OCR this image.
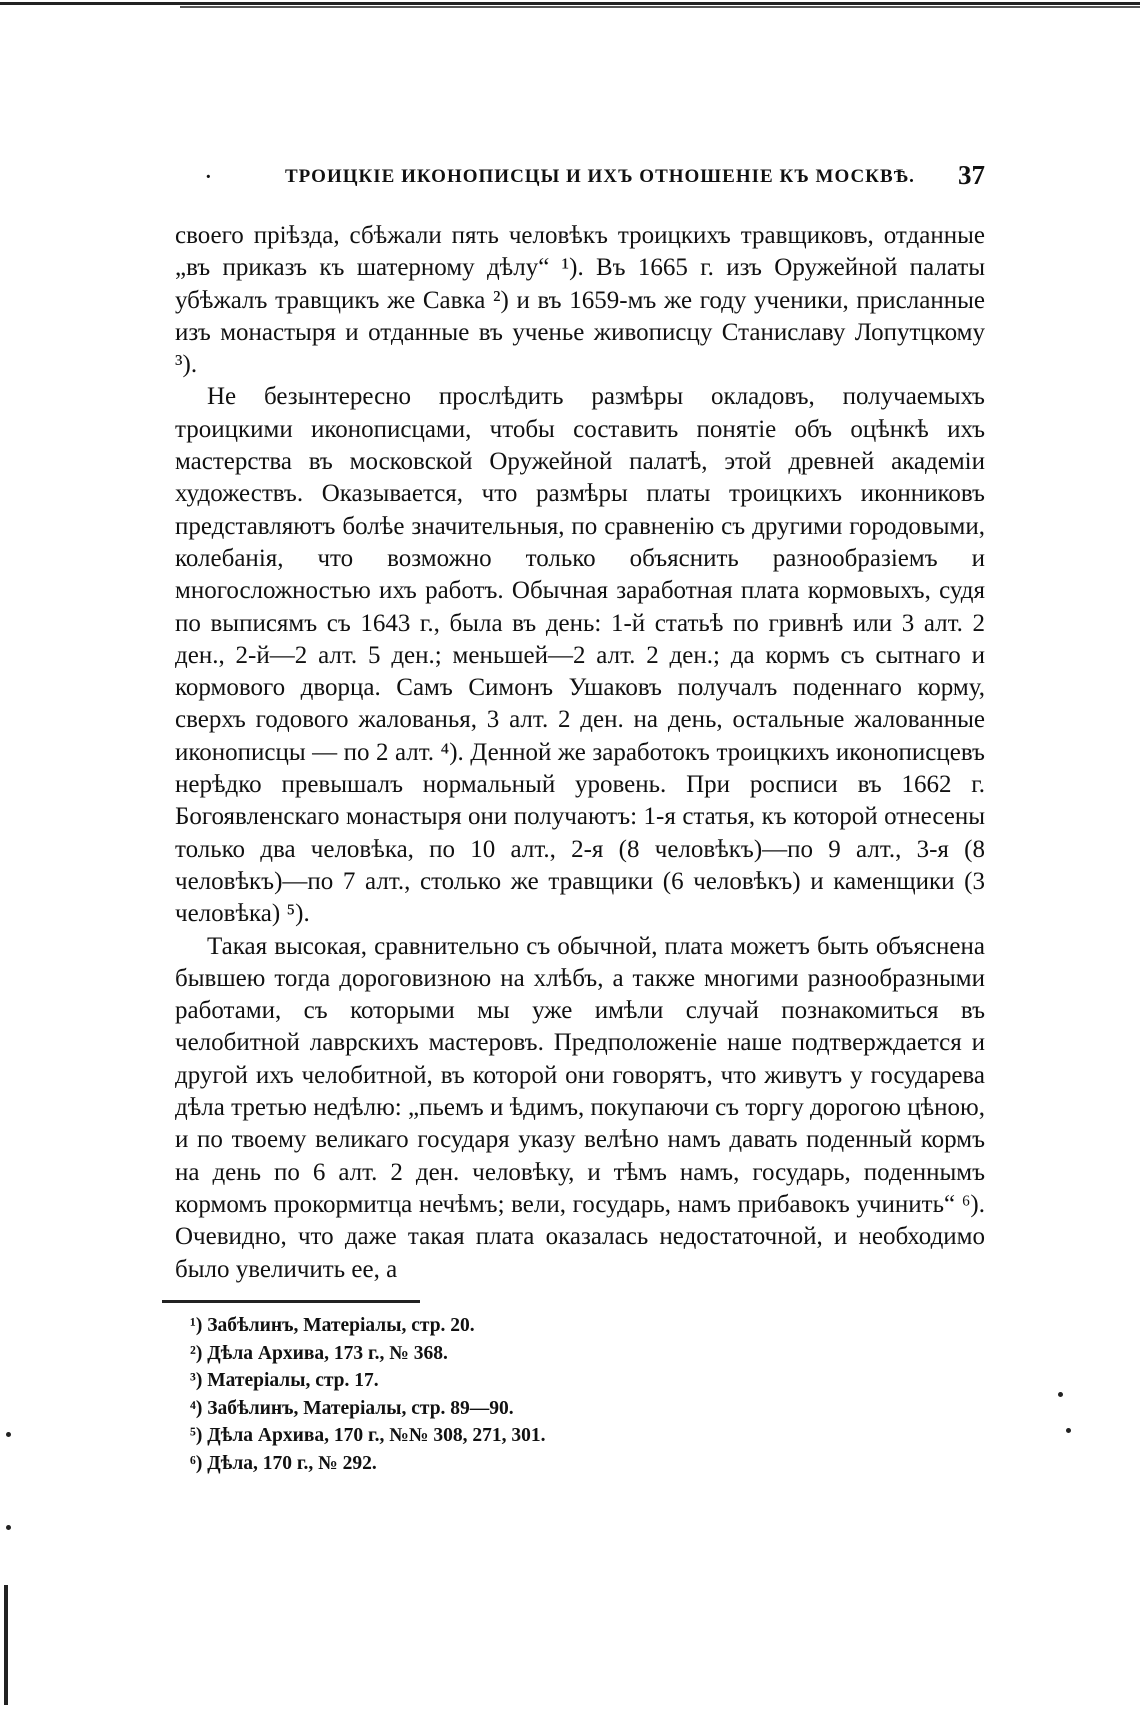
·	ТРОИЦКІЕ ИКОНОПИСЦЫ И ИХЪ ОТНОШЕНІЕ КЪ МОСКВѢ. 37

своего пріѣзда, сбѣжали пять человѣкъ троицкихъ травщиковъ, отданные „въ приказъ къ шатерному дѣлу“ ¹). Въ 1665 г. изъ Оружейной палаты убѣжалъ травщикъ же Савка ²) и въ 1659-мъ же году ученики, присланные изъ монастыря и отданные въ ученье живописцу Станиславу Лопутцкому ³).

Не безынтересно прослѣдить размѣры окладовъ, получаемыхъ троицкими иконописцами, чтобы составить понятіе объ оцѣнкѣ ихъ мастерства въ московской Оружейной палатѣ, этой древней академіи художествъ. Оказывается, что размѣры платы троицкихъ иконниковъ представляютъ болѣе значительныя, по сравненію съ другими городовыми, колебанія, что возможно только объяснить разнообразіемъ и многосложностью ихъ работъ. Обычная заработная плата кормовыхъ, судя по выписямъ съ 1643 г., была въ день: 1-й статьѣ по гривнѣ или 3 алт. 2 ден., 2-й—2 алт. 5 ден.; меньшей—2 алт. 2 ден.; да кормъ съ сытнаго и кормового дворца. Самъ Симонъ Ушаковъ получалъ поденнаго корму, сверхъ годового жалованья, 3 алт. 2 ден. на день, остальные жалованные иконописцы — по 2 алт. ⁴). Денной же заработокъ троицкихъ иконописцевъ нерѣдко превышалъ нормальный уровень. При росписи въ 1662 г. Богоявленскаго монастыря они получаютъ: 1-я статья, къ которой отнесены только два человѣка, по 10 алт., 2-я (8 человѣкъ)—по 9 алт., 3-я (8 человѣкъ)—по 7 алт., столько же травщики (6 человѣкъ) и каменщики (3 человѣка) ⁵).

Такая высокая, сравнительно съ обычной, плата можетъ быть объяснена бывшею тогда дороговизною на хлѣбъ, а также многими разнообразными работами, съ которыми мы уже имѣли случай познакомиться въ челобитной лаврскихъ мастеровъ. Предположеніе наше подтверждается и другой ихъ челобитной, въ которой они говорятъ, что живутъ у государева дѣла третью недѣлю: „пьемъ и ѣдимъ, покупаючи съ торгу дорогою цѣною, и по твоему великаго государя указу велѣно намъ давать поденный кормъ на день по 6 алт. 2 ден. человѣку, и тѣмъ намъ, государь, поденнымъ кормомъ прокормитца нечѣмъ; вели, государь, намъ прибавокъ учинить“ ⁶). Очевидно, что даже такая плата оказалась недостаточной, и необходимо было увеличить ее, а

¹) Забѣлинъ, Матеріалы, стр. 20.
²) Дѣла Архива, 173 г., № 368.
³) Матеріалы, стр. 17.
⁴) Забѣлинъ, Матеріалы, стр. 89—90.
⁵) Дѣла Архива, 170 г., №№ 308, 271, 301.
⁶) Дѣла, 170 г., № 292.
